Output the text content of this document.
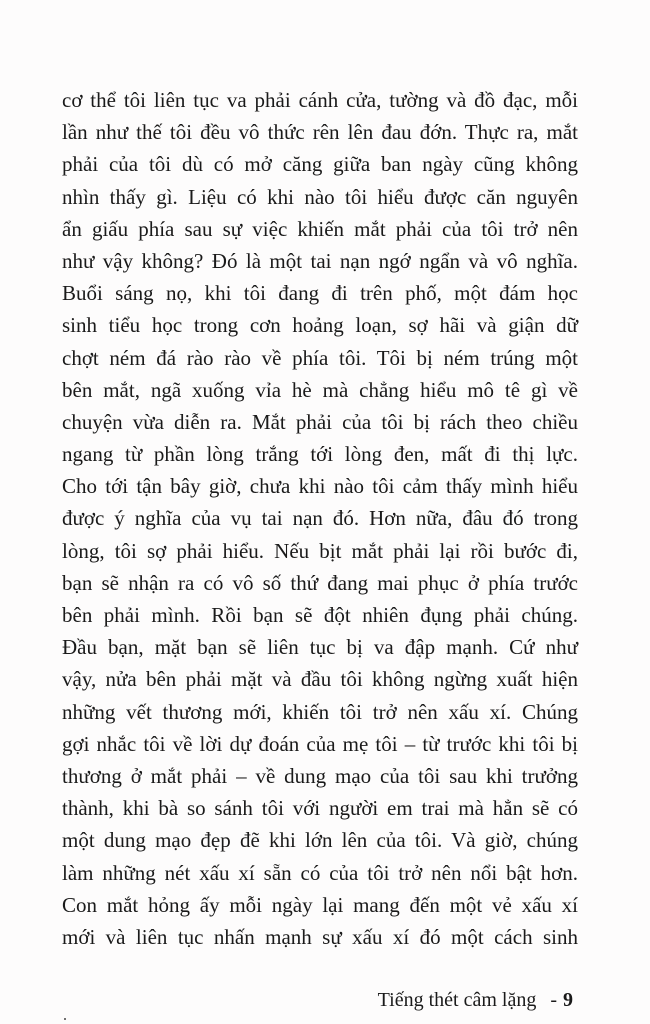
cơ thể tôi liên tục va phải cánh cửa, tường và đồ đạc, mỗi
lần như thế tôi đều vô thức rên lên đau đớn. Thực ra, mắt
phải của tôi dù có mở căng giữa ban ngày cũng không
nhìn thấy gì. Liệu có khi nào tôi hiểu được căn nguyên
ẩn giấu phía sau sự việc khiến mắt phải của tôi trở nên
như vậy không? Đó là một tai nạn ngớ ngẩn và vô nghĩa.
Buổi sáng nọ, khi tôi đang đi trên phố, một đám học
sinh tiểu học trong cơn hoảng loạn, sợ hãi và giận dữ
chợt ném đá rào rào về phía tôi. Tôi bị ném trúng một
bên mắt, ngã xuống vỉa hè mà chẳng hiểu mô tê gì về
chuyện vừa diễn ra. Mắt phải của tôi bị rách theo chiều
ngang từ phần lòng trắng tới lòng đen, mất đi thị lực.
Cho tới tận bây giờ, chưa khi nào tôi cảm thấy mình hiểu
được ý nghĩa của vụ tai nạn đó. Hơn nữa, đâu đó trong
lòng, tôi sợ phải hiểu. Nếu bịt mắt phải lại rồi bước đi,
bạn sẽ nhận ra có vô số thứ đang mai phục ở phía trước
bên phải mình. Rồi bạn sẽ đột nhiên đụng phải chúng.
Đầu bạn, mặt bạn sẽ liên tục bị va đập mạnh. Cứ như
vậy, nửa bên phải mặt và đầu tôi không ngừng xuất hiện
những vết thương mới, khiến tôi trở nên xấu xí. Chúng
gợi nhắc tôi về lời dự đoán của mẹ tôi – từ trước khi tôi bị
thương ở mắt phải – về dung mạo của tôi sau khi trưởng
thành, khi bà so sánh tôi với người em trai mà hẳn sẽ có
một dung mạo đẹp đẽ khi lớn lên của tôi. Và giờ, chúng
làm những nét xấu xí sẵn có của tôi trở nên nổi bật hơn.
Con mắt hỏng ấy mỗi ngày lại mang đến một vẻ xấu xí
mới và liên tục nhấn mạnh sự xấu xí đó một cách sinh
Tiếng thét câm lặng - 9
